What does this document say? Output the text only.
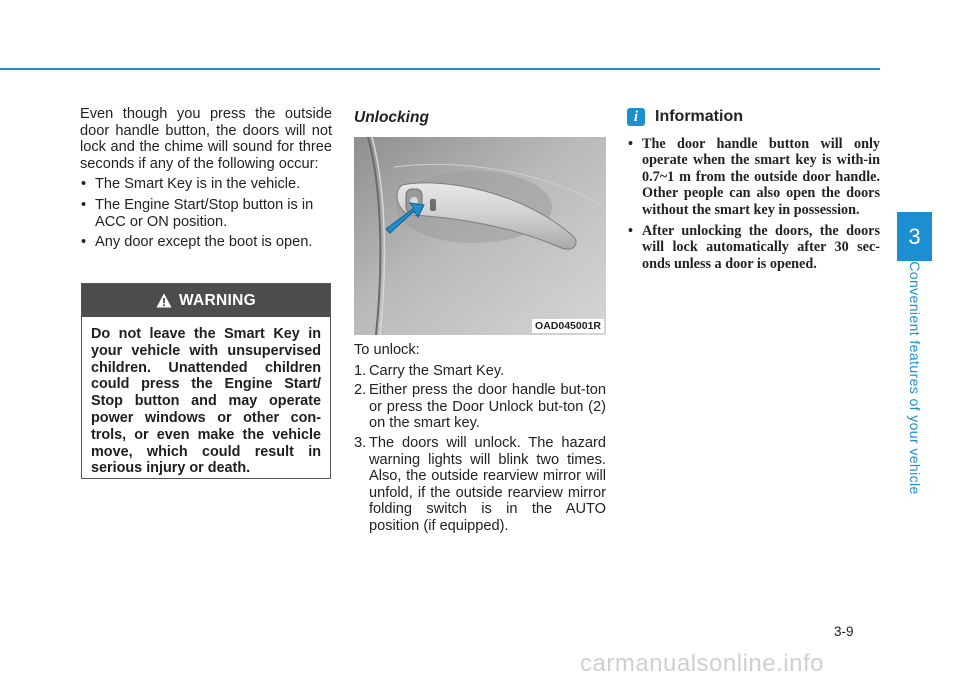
Even though you press the outside door handle button, the doors will not lock and the chime will sound for three seconds if any of the following occur:

• The Smart Key is in the vehicle.
• The Engine Start/Stop button is in ACC or ON position.
• Any door except the boot is open.
WARNING
Do not leave the Smart Key in your vehicle with unsupervised children. Unattended children could press the Engine Start/ Stop button and may operate power windows or other con-trols, or even make the vehicle move, which could result in serious injury or death.
Unlocking
OAD045001R

To unlock:

1. Carry the Smart Key.
2. Either press the door handle but-ton or press the Door Unlock but-ton (2) on the smart key.
3. The doors will unlock. The hazard warning lights will blink two times. Also, the outside rearview mirror will unfold, if the outside rearview mirror folding switch is in the AUTO position (if equipped).
i	Information
• The door handle button will only operate when the smart key is with-in 0.7~1 m from the outside door handle. Other people can also open the doors without the smart key in possession.
• After unlocking the doors, the doors will lock automatically after 30 sec-onds unless a door is opened.
3
Convenient features of your vehicle
3-9
carmanualsonline.info
